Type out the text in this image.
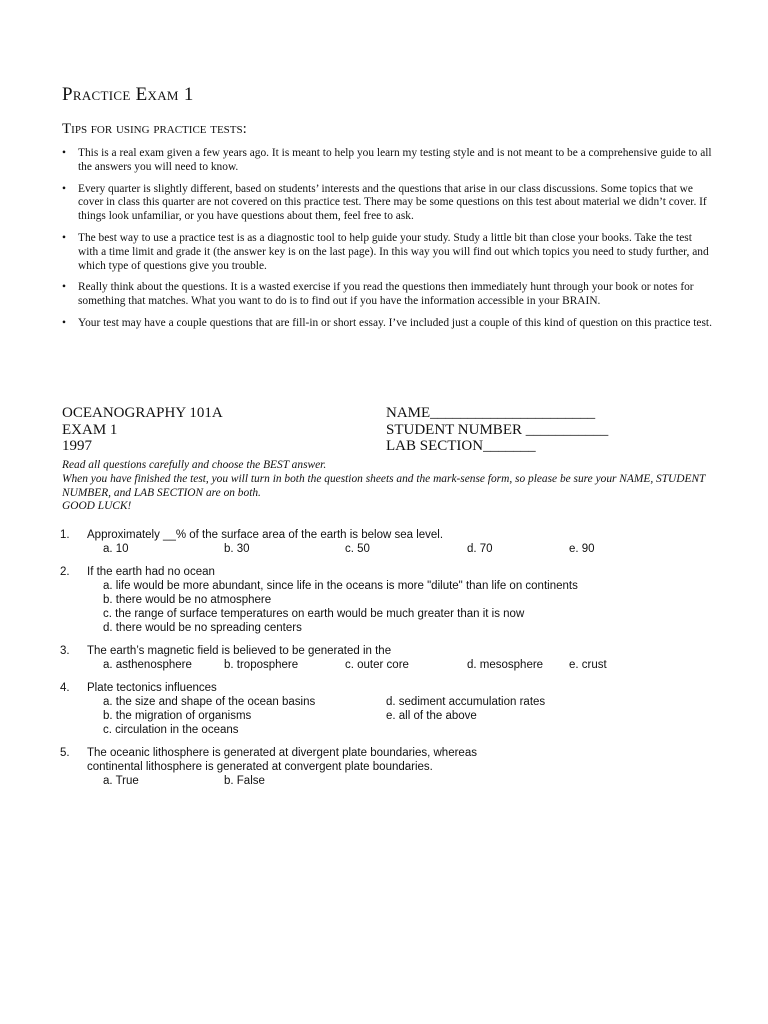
Practice Exam 1
Tips for using practice tests:
• This is a real exam given a few years ago. It is meant to help you learn my testing style and is not meant to be a comprehensive guide to all the answers you will need to know.
• Every quarter is slightly different, based on students’ interests and the questions that arise in our class discussions. Some topics that we cover in class this quarter are not covered on this practice test. There may be some questions on this test about material we didn’t cover. If things look unfamiliar, or you have questions about them, feel free to ask.
• The best way to use a practice test is as a diagnostic tool to help guide your study. Study a little bit than close your books. Take the test with a time limit and grade it (the answer key is on the last page). In this way you will find out which topics you need to study further, and which type of questions give you trouble.
• Really think about the questions. It is a wasted exercise if you read the questions then immediately hunt through your book or notes for something that matches. What you want to do is to find out if you have the information accessible in your BRAIN.
• Your test may have a couple questions that are fill-in or short essay. I’ve included just a couple of this kind of question on this practice test.
OCEANOGRAPHY 101A
EXAM 1
1997
NAME______________________
STUDENT NUMBER ___________
LAB SECTION_______
Read all questions carefully and choose the BEST answer.
When you have finished the test, you will turn in both the question sheets and the mark-sense form, so please be sure your NAME, STUDENT NUMBER, and LAB SECTION are on both.
GOOD LUCK!
1. Approximately __% of the surface area of the earth is below sea level.
a. 10	b. 30	c. 50	d. 70	e. 90
2. If the earth had no ocean
a. life would be more abundant, since life in the oceans is more "dilute" than life on continents
b. there would be no atmosphere
c. the range of surface temperatures on earth would be much greater than it is now
d. there would be no spreading centers
3. The earth’s magnetic field is believed to be generated in the
a. asthenosphere	b. troposphere	c. outer core	d. mesosphere e. crust
4. Plate tectonics influences
a. the size and shape of the ocean basins
b. the migration of organisms
c. circulation in the oceans
d. sediment accumulation rates
e. all of the above
5. The oceanic lithosphere is generated at divergent plate boundaries, whereas
continental lithosphere is generated at convergent plate boundaries.
a. True	b. False
